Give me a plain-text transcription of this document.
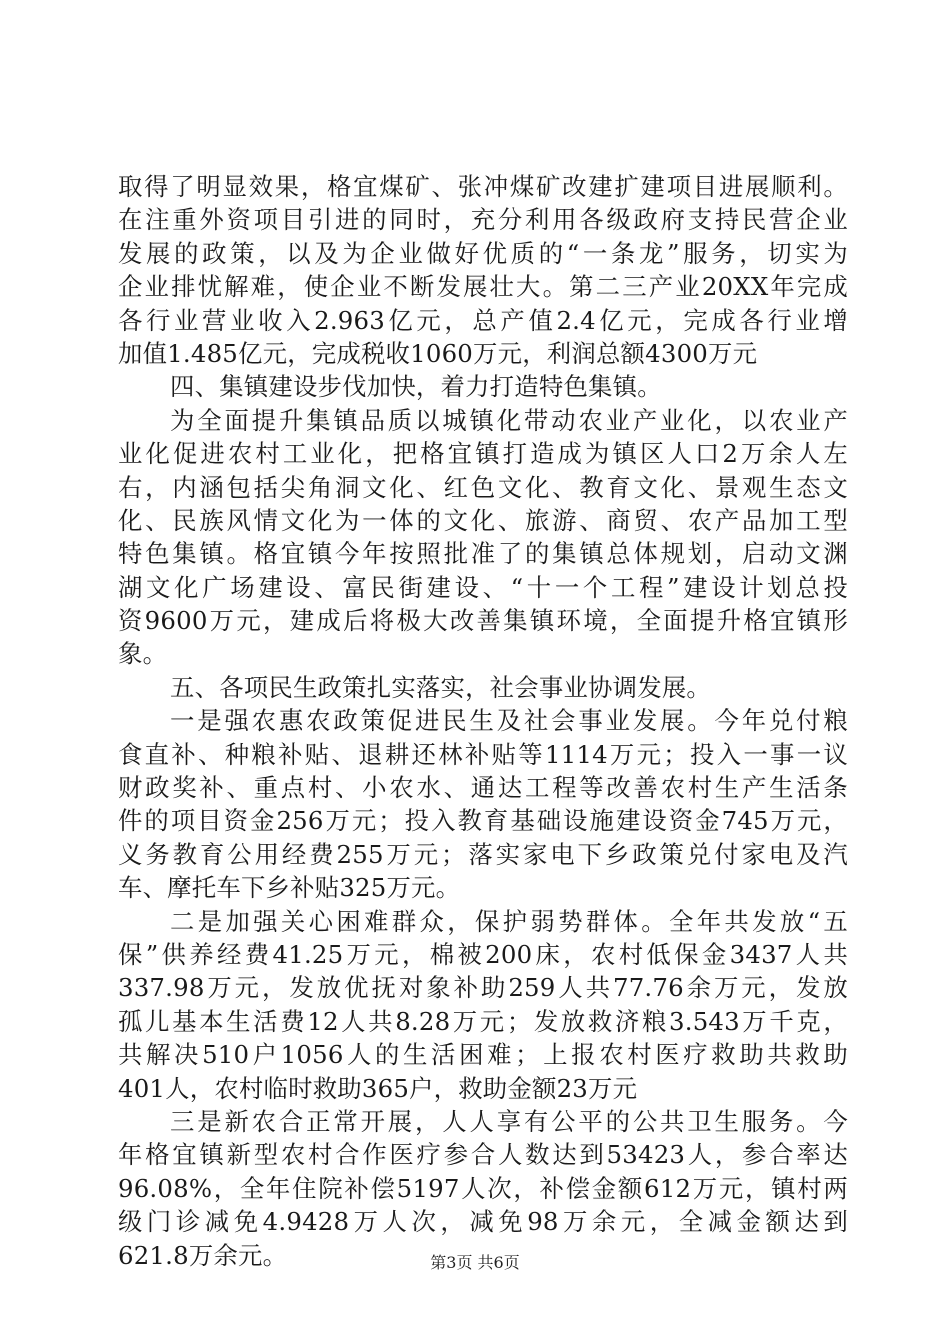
取得了明显效果，格宜煤矿、张冲煤矿改建扩建项目进展顺利。
在注重外资项目引进的同时，充分利用各级政府支持民营企业
发展的政策，以及为企业做好优质的“一条龙”服务，切实为
企业排忧解难，使企业不断发展壮大。第二三产业20XX年完成
各行业营业收入2.963亿元，总产值2.4亿元，完成各行业增
加值1.485亿元，完成税收1060万元，利润总额4300万元
四、集镇建设步伐加快，着力打造特色集镇。
为全面提升集镇品质以城镇化带动农业产业化，以农业产
业化促进农村工业化，把格宜镇打造成为镇区人口2万余人左
右，内涵包括尖角洞文化、红色文化、教育文化、景观生态文
化、民族风情文化为一体的文化、旅游、商贸、农产品加工型
特色集镇。格宜镇今年按照批准了的集镇总体规划，启动文渊
湖文化广场建设、富民街建设、“十一个工程”建设计划总投
资9600万元，建成后将极大改善集镇环境，全面提升格宜镇形
象。
五、各项民生政策扎实落实，社会事业协调发展。
一是强农惠农政策促进民生及社会事业发展。今年兑付粮
食直补、种粮补贴、退耕还林补贴等1114万元；投入一事一议
财政奖补、重点村、小农水、通达工程等改善农村生产生活条
件的项目资金256万元；投入教育基础设施建设资金745万元，
义务教育公用经费255万元；落实家电下乡政策兑付家电及汽
车、摩托车下乡补贴325万元。
二是加强关心困难群众，保护弱势群体。全年共发放“五
保”供养经费41.25万元，棉被200床，农村低保金3437人共
337.98万元，发放优抚对象补助259人共77.76余万元，发放
孤儿基本生活费12人共8.28万元；发放救济粮3.543万千克，
共解决510户1056人的生活困难；上报农村医疗救助共救助
401人，农村临时救助365户，救助金额23万元
三是新农合正常开展，人人享有公平的公共卫生服务。今
年格宜镇新型农村合作医疗参合人数达到53423人，参合率达
96.08%，全年住院补偿5197人次，补偿金额612万元，镇村两
级门诊减免4.9428万人次，减免98万余元，全减金额达到
621.8万余元。	第3页 共6页
